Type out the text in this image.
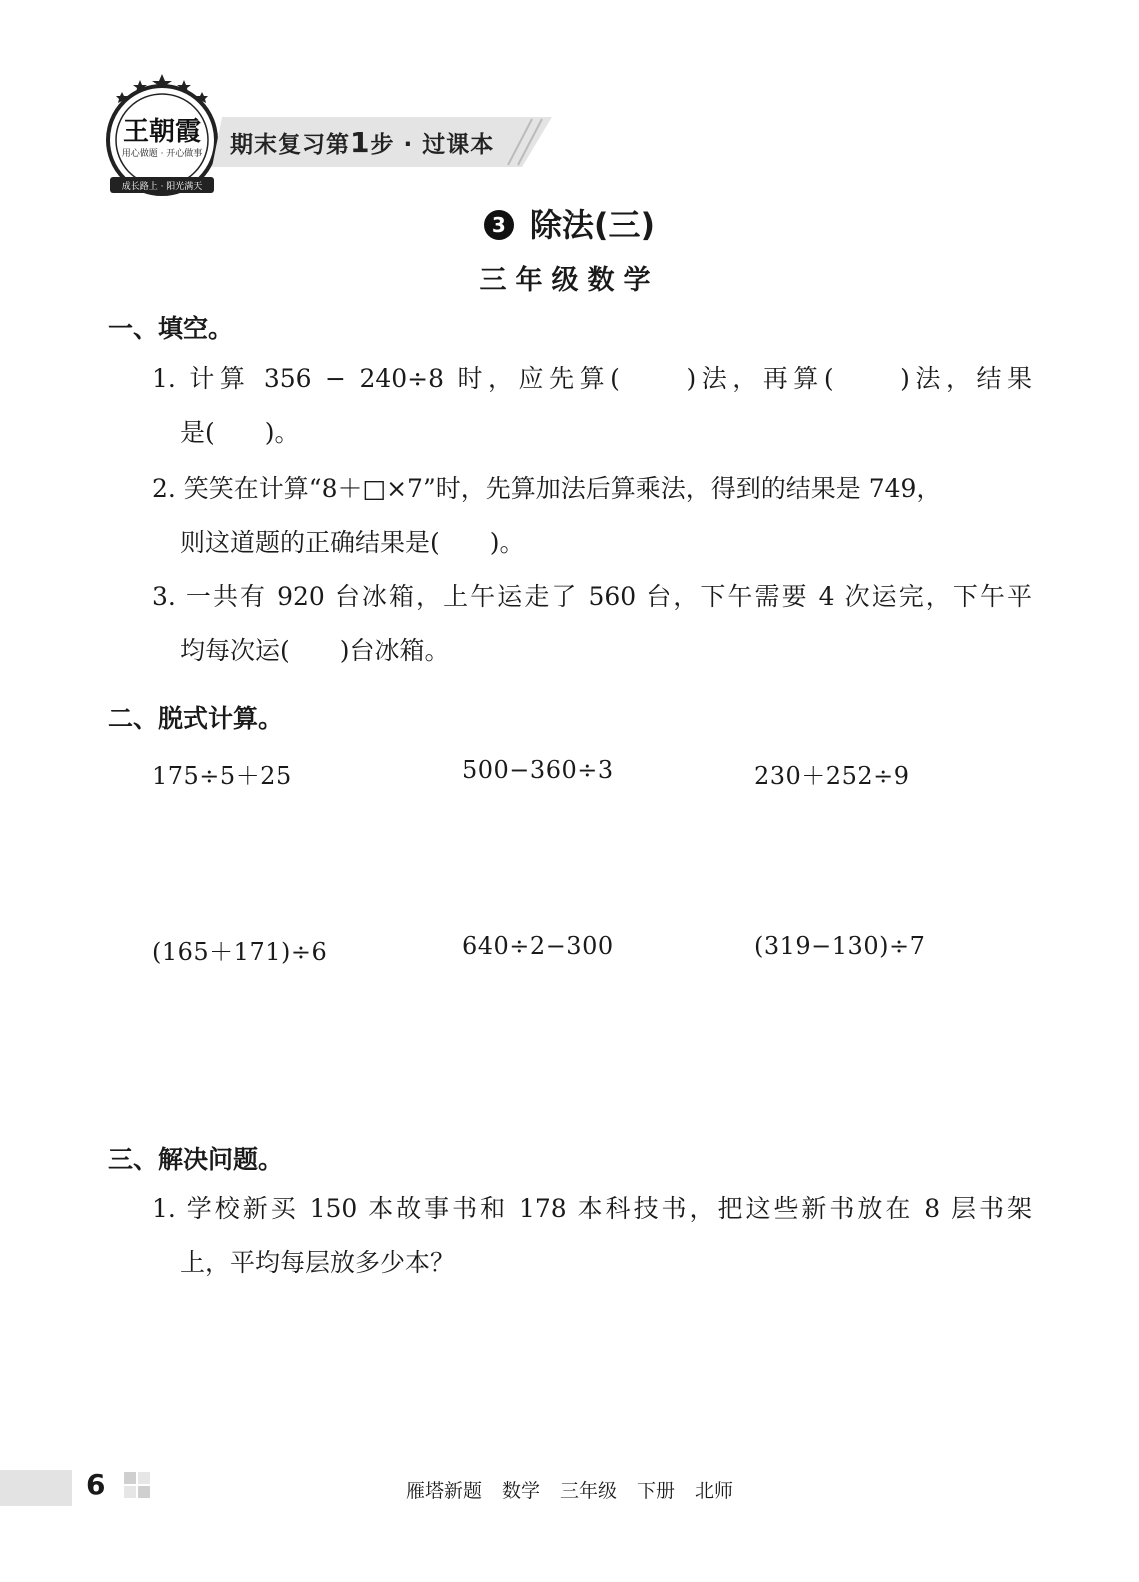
成长路上 · 阳光满天
用心做题 · 开心做事
王朝霞 期末复习第1步 · 过课本
3 除法(三)
三年级数学
一、填空。
1. 计算 356 − 240÷8 时，应先算(　　)法，再算(　　)法，结果
是(　　)。
2. 笑笑在计算“8＋□×7”时，先算加法后算乘法，得到的结果是 749，
则这道题的正确结果是(　　)。
3. 一共有 920 台冰箱，上午运走了 560 台，下午需要 4 次运完，下午平
均每次运(　　)台冰箱。
二、脱式计算。
175÷5＋25	500−360÷3	230＋252÷9
(165＋171)÷6	640÷2−300	(319−130)÷7
三、解决问题。
1. 学校新买 150 本故事书和 178 本科技书，把这些新书放在 8 层书架
上，平均每层放多少本？
6	雁塔新题 数学 三年级 下册 北师
